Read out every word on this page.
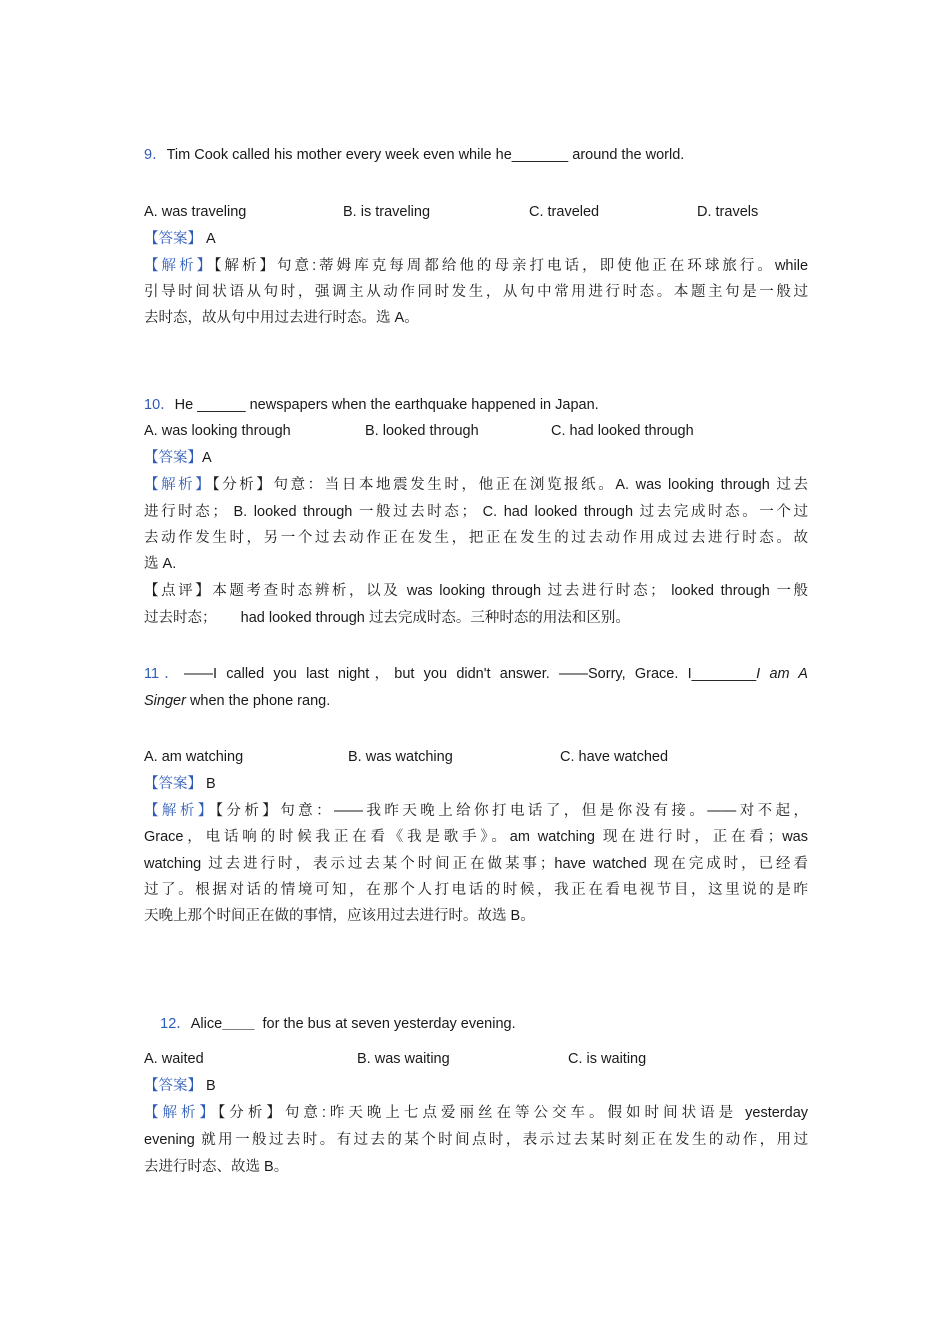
9．Tim Cook called his mother every week even while he_______ around the world.
A. was traveling	B. is traveling	C. traveled	D. travels
【答案】 A
【解析】【解析】句意:蒂姆库克每周都给他的母亲打电话，即使他正在环球旅行。while
引导时间状语从句时，强调主从动作同时发生，从句中常用进行时态。本题主句是一般过
去时态，故从句中用过去进行时态。选 A。
10．He ______ newspapers when the earthquake happened in Japan.
A. was looking through	B. looked through	C. had looked through
【答案】A
【解析】【分析】句意：当日本地震发生时，他正在浏览报纸。A. was looking through 过去
进行时态； B. looked through 一般过去时态； C. had looked through 过去完成时态。一个过
去动作发生时，另一个过去动作正在发生，把正在发生的过去动作用成过去进行时态。故
选 A.
【点评】本题考查时态辨析，以及 was looking through 过去进行时态； looked through 一般
过去时态；      had looked through 过去完成时态。三种时态的用法和区别。
11．——I called you last night，but you didn't answer. ——Sorry, Grace. I________I am A
Singer when the phone rang.
A. am watching	B. was watching	C. have watched
【答案】 B
【解析】【分析】句意：——我昨天晚上给你打电话了，但是你没有接。——对不起，
Grace，电话响的时候我正在看《我是歌手》。am watching 现在进行时，正在看；was
watching 过去进行时，表示过去某个时间正在做某事；have watched 现在完成时，已经看
过了。根据对话的情境可知，在那个人打电话的时候，我正在看电视节目，这里说的是昨
天晚上那个时间正在做的事情，应该用过去进行时。故选 B。

12．Alice____  for the bus at seven yesterday evening.

A. waited	B. was waiting	C. is waiting
【答案】 B
【解析】【分析】句意:昨天晚上七点爱丽丝在等公交车。假如时间状语是 yesterday
evening 就用一般过去时。有过去的某个时间点时，表示过去某时刻正在发生的动作，用过
去进行时态、故选 B。
